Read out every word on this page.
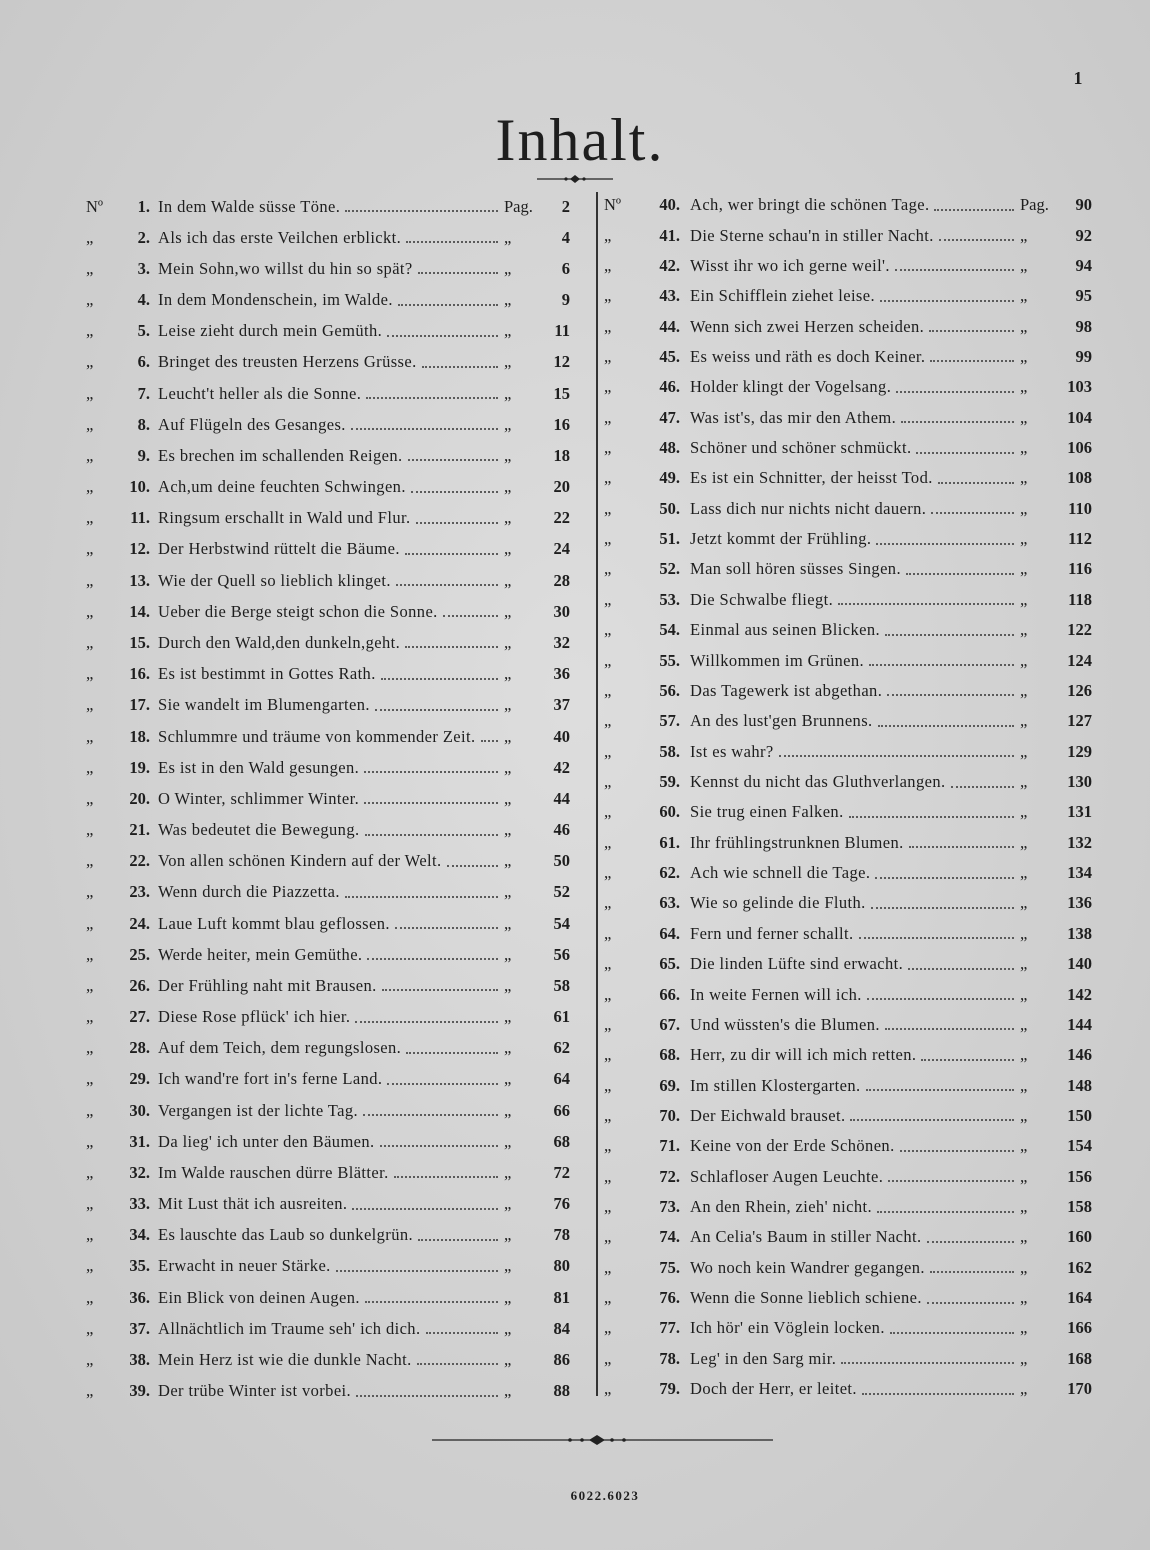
1
Inhalt.
Nº	1. In dem Walde süsse Töne.	Pag.	2
„	2. Als ich das erste Veilchen erblickt.	„	4
„	3. Mein Sohn,wo willst du hin so spät?	„	6
„	4. In dem Mondenschein, im Walde.	„	9
„	5. Leise zieht durch mein Gemüth.	„	11
„	6. Bringet des treusten Herzens Grüsse.	„	12
„	7. Leucht't heller als die Sonne.	„	15
„	8. Auf Flügeln des Gesanges.	„	16
„	9. Es brechen im schallenden Reigen.	„	18
„	10. Ach,um deine feuchten Schwingen.	„	20
„	11. Ringsum erschallt in Wald und Flur.	„	22
„	12. Der Herbstwind rüttelt die Bäume.	„	24
„	13. Wie der Quell so lieblich klinget.	„	28
„	14. Ueber die Berge steigt schon die Sonne.	„	30
„	15. Durch den Wald,den dunkeln,geht.	„	32
„	16. Es ist bestimmt in Gottes Rath.	„	36
„	17. Sie wandelt im Blumengarten.	„	37
„	18. Schlummre und träume von kommender Zeit. „	40
„	19. Es ist in den Wald gesungen.	„	42
„	20. O Winter, schlimmer Winter.	„	44
„	21. Was bedeutet die Bewegung.	„	46
„	22. Von allen schönen Kindern auf der Welt.	„	50
„	23. Wenn durch die Piazzetta.	„	52
„	24. Laue Luft kommt blau geflossen.	„	54
„	25. Werde heiter, mein Gemüthe.	„	56
„	26. Der Frühling naht mit Brausen.	„	58
„	27. Diese Rose pflück' ich hier.	„	61
„	28. Auf dem Teich, dem regungslosen.	„	62
„	29. Ich wand're fort in's ferne Land.	„	64
„	30. Vergangen ist der lichte Tag.	„	66
„	31. Da lieg' ich unter den Bäumen.	„	68
„	32. Im Walde rauschen dürre Blätter.	„	72
„	33. Mit Lust thät ich ausreiten.	„	76
„	34. Es lauschte das Laub so dunkelgrün.	„	78
„	35. Erwacht in neuer Stärke.	„	80
„	36. Ein Blick von deinen Augen.	„	81
„	37. Allnächtlich im Traume seh' ich dich.	„	84
„	38. Mein Herz ist wie die dunkle Nacht.	„	86
„	39. Der trübe Winter ist vorbei.	„	88
Nº	40. Ach, wer bringt die schönen Tage.	Pag.	90
„	41. Die Sterne schau'n in stiller Nacht.	„	92
„	42. Wisst ihr wo ich gerne weil'.	„	94
„	43. Ein Schifflein ziehet leise.	„	95
„	44. Wenn sich zwei Herzen scheiden.	„	98
„	45. Es weiss und räth es doch Keiner.	„	99
„	46. Holder klingt der Vogelsang.	„	103
„	47. Was ist's, das mir den Athem.	„	104
„	48. Schöner und schöner schmückt.	„	106
„	49. Es ist ein Schnitter, der heisst Tod.	„	108
„	50. Lass dich nur nichts nicht dauern.	„	110
„	51. Jetzt kommt der Frühling.	„	112
„	52. Man soll hören süsses Singen.	„	116
„	53. Die Schwalbe fliegt.	„	118
„	54. Einmal aus seinen Blicken.	„	122
„	55. Willkommen im Grünen.	„	124
„	56. Das Tagewerk ist abgethan.	„	126
„	57. An des lust'gen Brunnens.	„	127
„	58. Ist es wahr?	„	129
„	59. Kennst du nicht das Gluthverlangen.	„	130
„	60. Sie trug einen Falken.	„	131
„	61. Ihr frühlingstrunknen Blumen.	„	132
„	62. Ach wie schnell die Tage.	„	134
„	63. Wie so gelinde die Fluth.	„	136
„	64. Fern und ferner schallt.	„	138
„	65. Die linden Lüfte sind erwacht.	„	140
„	66. In weite Fernen will ich.	„	142
„	67. Und wüssten's die Blumen.	„	144
„	68. Herr, zu dir will ich mich retten.	„	146
„	69. Im stillen Klostergarten.	„	148
„	70. Der Eichwald brauset.	„	150
„	71. Keine von der Erde Schönen.	„	154
„	72. Schlafloser Augen Leuchte.	„	156
„	73. An den Rhein, zieh' nicht.	„	158
„	74. An Celia's Baum in stiller Nacht.	„	160
„	75. Wo noch kein Wandrer gegangen.	„	162
„	76. Wenn die Sonne lieblich schiene.	„	164
„	77. Ich hör' ein Vöglein locken.	„	166
„	78. Leg' in den Sarg mir.	„	168
„	79. Doch der Herr, er leitet.	„	170
6022.6023
